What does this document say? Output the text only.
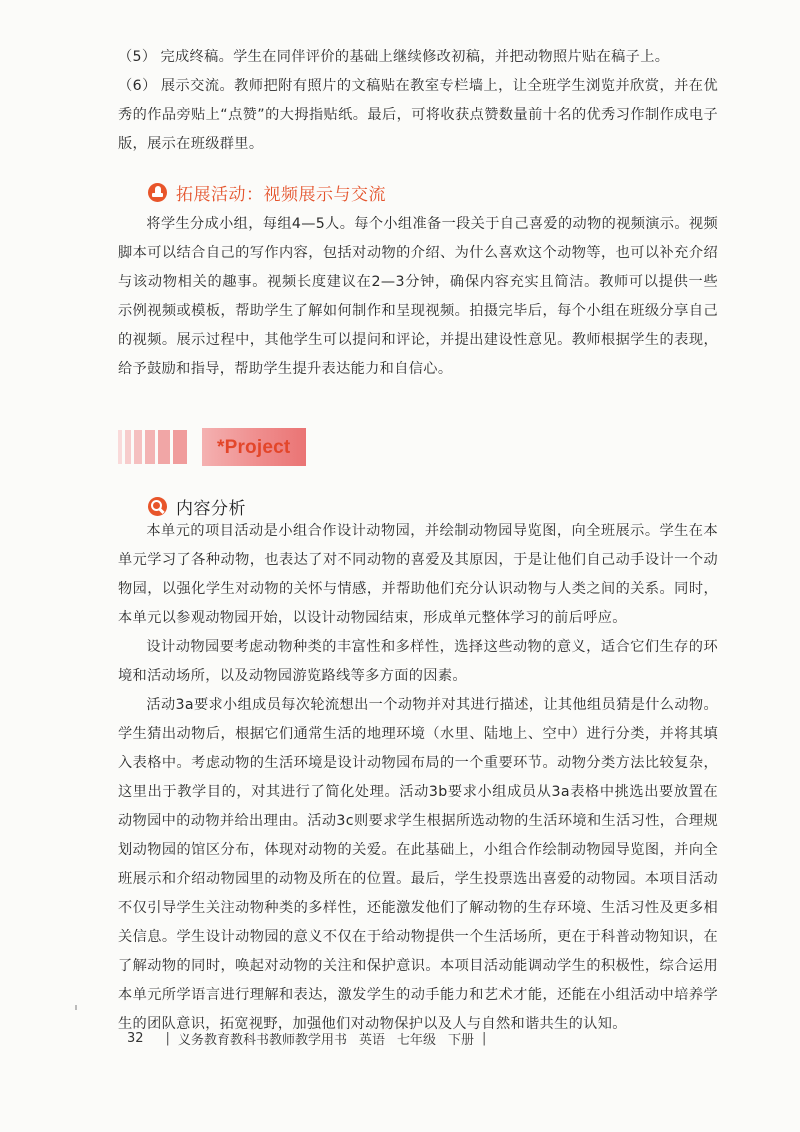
（5） 完成终稿。学生在同伴评价的基础上继续修改初稿，并把动物照片贴在稿子上。

（6） 展示交流。教师把附有照片的文稿贴在教室专栏墙上，让全班学生浏览并欣赏，并在优秀的作品旁贴上“点赞”的大拇指贴纸。最后，可将收获点赞数量前十名的优秀习作制作成电子版，展示在班级群里。

拓展活动：视频展示与交流

将学生分成小组，每组4—5人。每个小组准备一段关于自己喜爱的动物的视频演示。视频脚本可以结合自己的写作内容，包括对动物的介绍、为什么喜欢这个动物等，也可以补充介绍与该动物相关的趣事。视频长度建议在2—3分钟，确保内容充实且简洁。教师可以提供一些示例视频或模板，帮助学生了解如何制作和呈现视频。拍摄完毕后，每个小组在班级分享自己的视频。展示过程中，其他学生可以提问和评论，并提出建设性意见。教师根据学生的表现，给予鼓励和指导，帮助学生提升表达能力和自信心。

*Project
内容分析

本单元的项目活动是小组合作设计动物园，并绘制动物园导览图，向全班展示。学生在本单元学习了各种动物，也表达了对不同动物的喜爱及其原因，于是让他们自己动手设计一个动物园，以强化学生对动物的关怀与情感，并帮助他们充分认识动物与人类之间的关系。同时，本单元以参观动物园开始，以设计动物园结束，形成单元整体学习的前后呼应。

设计动物园要考虑动物种类的丰富性和多样性，选择这些动物的意义，适合它们生存的环境和活动场所，以及动物园游览路线等多方面的因素。

活动3a要求小组成员每次轮流想出一个动物并对其进行描述，让其他组员猜是什么动物。学生猜出动物后，根据它们通常生活的地理环境（水里、陆地上、空中）进行分类，并将其填入表格中。考虑动物的生活环境是设计动物园布局的一个重要环节。动物分类方法比较复杂，这里出于教学目的，对其进行了简化处理。活动3b要求小组成员从3a表格中挑选出要放置在动物园中的动物并给出理由。活动3c则要求学生根据所选动物的生活环境和生活习性，合理规划动物园的馆区分布，体现对动物的关爱。在此基础上，小组合作绘制动物园导览图，并向全班展示和介绍动物园里的动物及所在的位置。最后，学生投票选出喜爱的动物园。本项目活动不仅引导学生关注动物种类的多样性，还能激发他们了解动物的生存环境、生活习性及更多相关信息。学生设计动物园的意义不仅在于给动物提供一个生活场所，更在于科普动物知识，在了解动物的同时，唤起对动物的关注和保护意识。本项目活动能调动学生的积极性，综合运用本单元所学语言进行理解和表达，激发学生的动手能力和艺术才能，还能在小组活动中培养学生的团队意识，拓宽视野，加强他们对动物保护以及人与自然和谐共生的认知。

32 | 义务教育教科书教师教学用书 英语 七年级 下册 |
